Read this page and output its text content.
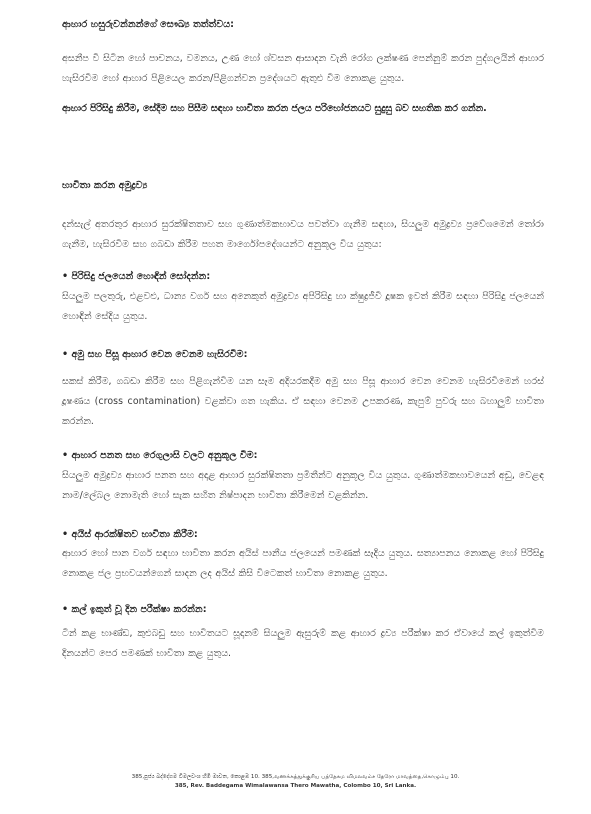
ආහාර හසුරුවන්නන්ගේ සෞඛ්‍ය තත්ත්වය:

අසනීප වී සිටින හෝ පාචනය, වමනය, උණ හෝ ශ්වසන ආසාදන වැනි රෝග ලක්ෂණ පෙන්නුම් කරන පුද්ගලයින් ආහාර හැසිරවීම හෝ ආහාර පිළියෙල කරන/පිළිගන්වන ප්‍රදේශයට ඇතුළු වීම නොකළ යුතුය.

ආහාර පිරිසිදු කිරීම, සේදීම සහ පිසීම සඳහා භාවිතා කරන ජලය පරිභෝජනයට සුදුසු බව සහතික කර ගන්න.

භාවිතා කරන අමුද්‍රව්‍ය

දන්සැල් අතරතුර ආහාර සුරක්ෂිතතාව සහ ගුණාත්මකභාවය පවත්වා ගැනීම සඳහා, සියලුම අමුද්‍රව්‍ය ප්‍රවේශමෙන් තෝරා ගැනීම, හැසිරවීම සහ ගබඩා කිරීම පහත මාර්ගෝපදේශයන්ට අනුකූල විය යුතුය:

• පිරිසිදු ජලයෙන් හොඳින් සෝදන්න:

සියලුම පලතුරු, එළවළු, ධාන්‍ය වර්ග සහ අනෙකුත් අමුද්‍රව්‍ය අපිරිසිදු හා ක්ෂුද්‍රජීවී දූෂක ඉවත් කිරීම සඳහා පිරිසිදු ජලයෙන් හොඳින් සේදිය යුතුය.

• අමු සහ පිසූ ආහාර වෙන වෙනම හැසිරවීම:

සකස් කිරීම, ගබඩා කිරීම සහ පිළිගැන්වීම යන සෑම අදියරකදීම අමු සහ පිසූ ආහාර වෙන වෙනම හැසිරවීමෙන් හරස් දූෂණය (cross contamination) වළක්වා ගත හැකිය. ඒ සඳහා වෙනම උපකරණ, කැපුම් පුවරු සහ බහාලුම් භාවිතා කරන්න.

• ආහාර පනත සහ රෙගුලාසි වලට අනුකූල වීම:

සියලුම අමුද්‍රව්‍ය ආහාර පනත සහ අදාළ ආහාර සුරක්ෂිතතා ප්‍රමිතීන්ට අනුකූල විය යුතුය. ගුණාත්මකභාවයෙන් අඩු, වෙළඳ නාම/ලේබල නොමැති හෝ සැක සහිත නිෂ්පාදන භාවිතා කිරීමෙන් වළකින්න.

• අයිස් ආරක්ෂිතව භාවිතා කිරීම:

ආහාර හෝ පාන වර්ග සඳහා භාවිතා කරන අයිස් පානීය ජලයෙන් පමණක් සෑදිය යුතුය. සත්‍යාපනය නොකළ හෝ පිරිසිදු නොකළ ජල ප්‍රභවයන්ගෙන් සාදන ලද අයිස් කිසි විටෙකත් භාවිතා නොකළ යුතුය.

• කල් ඉකුත් වූ දින පරීක්ෂා කරන්න:

ටින් කළ භාණ්ඩ, කුළුබඩු සහ භාවිතයට සූදානම් සියලුම ඇසුරුම් කළ ආහාර ද්‍රව්‍ය පරීක්ෂා කර ඒවායේ කල් ඉකුත්වීම දිනයන්ට පෙර පමණක් භාවිතා කළ යුතුය.

385,පූජ්‍ය බද්දේගම විමලවංශ හිමි මාවත, කොළඹ 10. 385,வணக்கத்துக்குரிய பத்தேகம விமலவம்ச தேரோ மாவத்தை,கொழும்பு 10.
385, Rev. Baddegama Wimalawansa Thero Mawatha, Colombo 10, Sri Lanka.
